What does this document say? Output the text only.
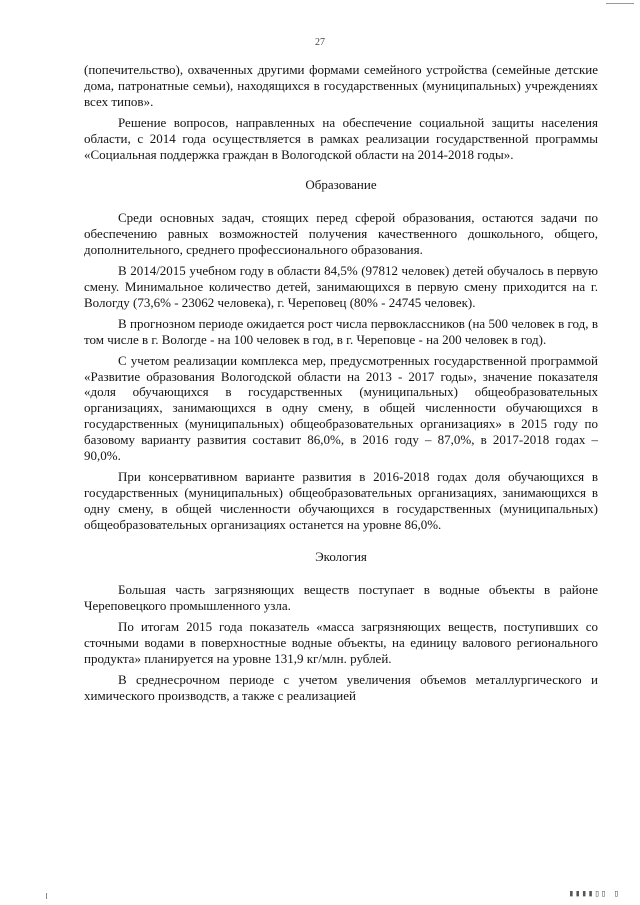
27

(попечительство), охваченных другими формами семейного устройства (семейные детские дома, патронатные семьи), находящихся в государственных (муниципальных) учреждениях всех типов».

Решение вопросов, направленных на обеспечение социальной защиты населения области, с 2014 года осуществляется в рамках реализации государственной программы «Социальная поддержка граждан в Вологодской области на 2014-2018 годы».

Образование

Среди основных задач, стоящих перед сферой образования, остаются задачи по обеспечению равных возможностей получения качественного дошкольного, общего, дополнительного, среднего профессионального образования.

В 2014/2015 учебном году в области 84,5% (97812 человек) детей обучалось в первую смену. Минимальное количество детей, занимающихся в первую смену приходится на г. Вологду (73,6% - 23062 человека), г. Череповец (80% - 24745 человек).

В прогнозном периоде ожидается рост числа первоклассников (на 500 человек в год, в том числе в г. Вологде - на 100 человек в год, в г. Череповце - на 200 человек в год).

С учетом реализации комплекса мер, предусмотренных государственной программой «Развитие образования Вологодской области на 2013 - 2017 годы», значение показателя «доля обучающихся в государственных (муниципальных) общеобразовательных организациях, занимающихся в одну смену, в общей численности обучающихся в государственных (муниципальных) общеобразовательных организациях» в 2015 году по базовому варианту развития составит 86,0%, в 2016 году – 87,0%, в 2017-2018 годах – 90,0%.

При консервативном варианте развития в 2016-2018 годах доля обучающихся в государственных (муниципальных) общеобразовательных организациях, занимающихся в одну смену, в общей численности обучающихся в государственных (муниципальных) общеобразовательных организациях останется на уровне 86,0%.

Экология

Большая часть загрязняющих веществ поступает в водные объекты в районе Череповецкого промышленного узла.

По итогам 2015 года показатель «масса загрязняющих веществ, поступивших со сточными водами в поверхностные водные объекты, на единицу валового регионального продукта» планируется на уровне 131,9 кг/млн. рублей.

В среднесрочном периоде с учетом увеличения объемов металлургического и химического производств, а также с реализацией

▮▮▮▮▯▯ ▯
